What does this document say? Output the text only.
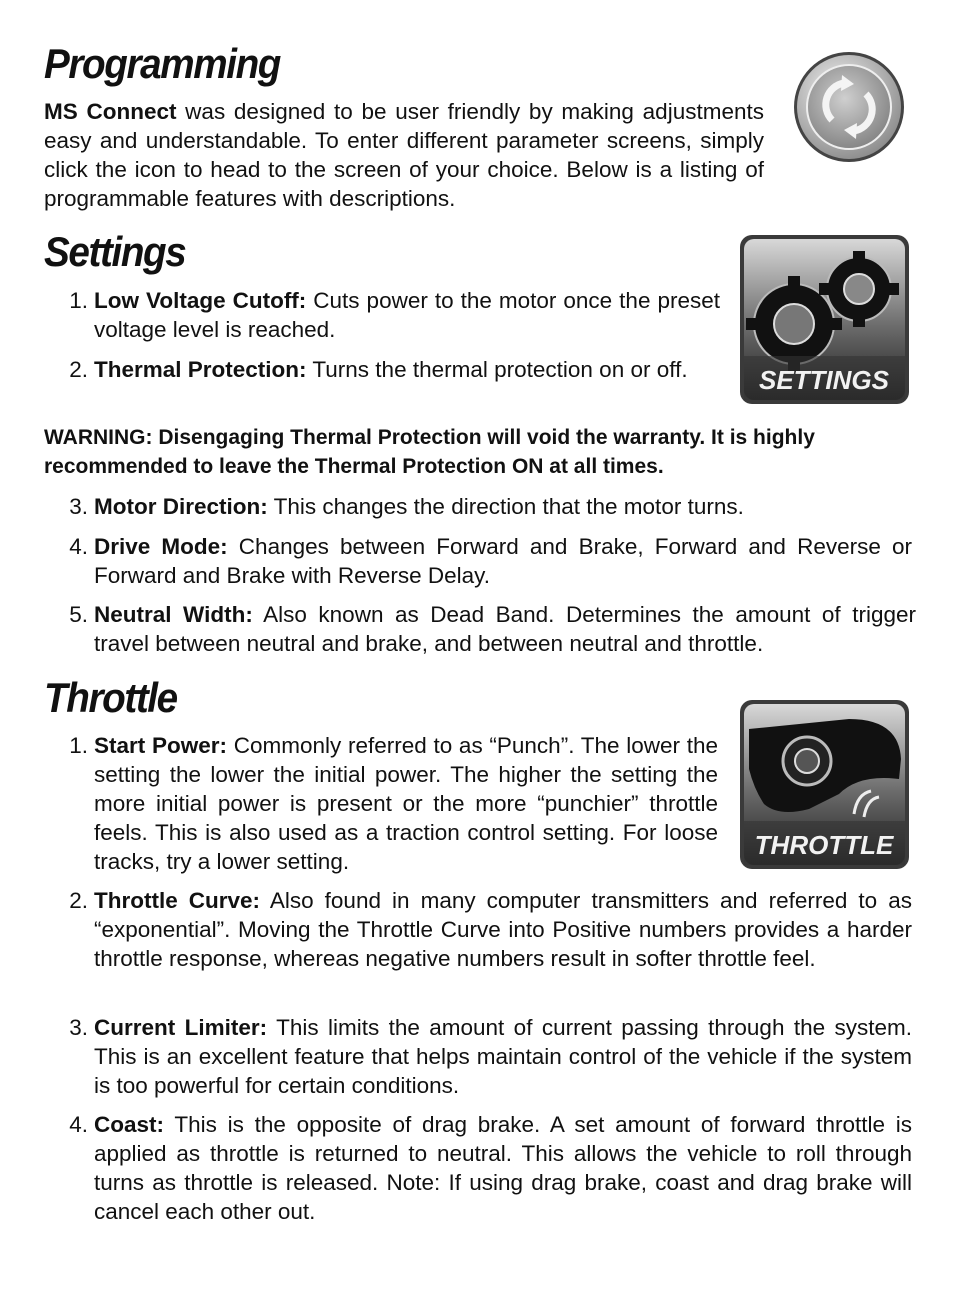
Programming
MS Connect was designed to be user friendly by making adjustments easy and understandable. To enter different parameter screens, simply click the icon to head to the screen of your choice. Below is a listing of programmable features with descriptions.
Settings
SETTINGS
1. Low Voltage Cutoff: Cuts power to the motor once the preset voltage level is reached.
2. Thermal Protection: Turns the thermal protection on or off.
WARNING: Disengaging Thermal Protection will void the warranty. It is highly recommended to leave the Thermal Protection ON at all times.
3. Motor Direction: This changes the direction that the motor turns.
4. Drive Mode: Changes between Forward and Brake, Forward and Reverse or Forward and Brake with Reverse Delay.
5. Neutral Width: Also known as Dead Band. Determines the amount of trigger travel between neutral and brake, and between neutral and throttle.
Throttle
THROTTLE
1. Start Power: Commonly referred to as “Punch”. The lower the setting the lower the initial power. The higher the setting the more initial power is present or the more “punchier” throttle feels. This is also used as a traction control setting. For loose tracks, try a lower setting.
2. Throttle Curve: Also found in many computer transmitters and referred to as “exponential”. Moving the Throttle Curve into Positive numbers provides a harder throttle response, whereas negative numbers result in softer throttle feel.
3. Current Limiter: This limits the amount of current passing through the system. This is an excellent feature that helps maintain control of the vehicle if the system is too powerful for certain conditions.
4. Coast: This is the opposite of drag brake. A set amount of forward throttle is applied as throttle is returned to neutral. This allows the vehicle to roll through turns as throttle is released. Note: If using drag brake, coast and drag brake will cancel each other out.
